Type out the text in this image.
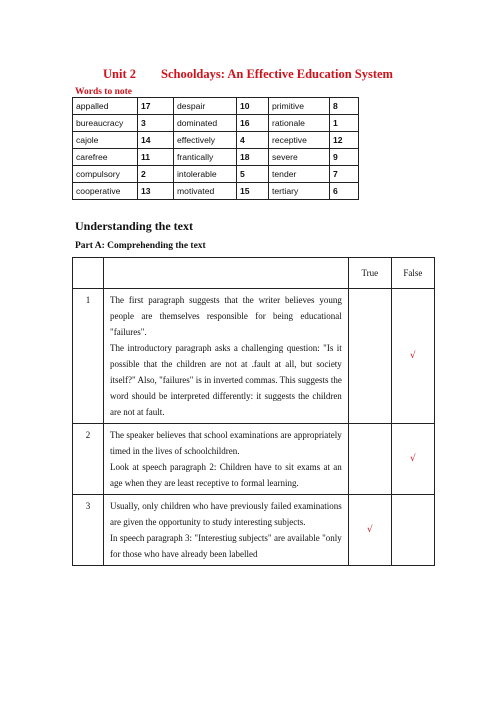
Unit 2        Schooldays: An Effective Education System
Words to note
appalled	17	despair	10	primitive	8
bureaucracy	3	dominated	16	rationale	1
cajole	14	effectively	4	receptive	12
carefree	11	frantically	18	severe	9
compulsory	2	intolerable	5	tender	7
cooperative	13	motivated	15	tertiary	6
Understanding the text
Part A: Comprehending the text
		True	False
1	The first paragraph suggests that the writer believes young people are themselves responsible for being educational "failures".

The introductory paragraph asks a challenging question: "Is it possible that the children are not at .fault at all, but society itself?" Also, "failures" is in inverted commas. This suggests the word should be interpreted differently: it suggests the children are not at fault.		√
2	The speaker believes that school examinations are appropriately timed in the lives of schoolchildren.

Look at speech paragraph 2: Children have to sit exams at an age when they are least receptive to formal learning.		√
3	Usually, only children who have previously failed examinations are given the opportunity to study interesting subjects.

In speech paragraph 3: "Interestiug subjects" are available "only for those who have already been labelled	√	
